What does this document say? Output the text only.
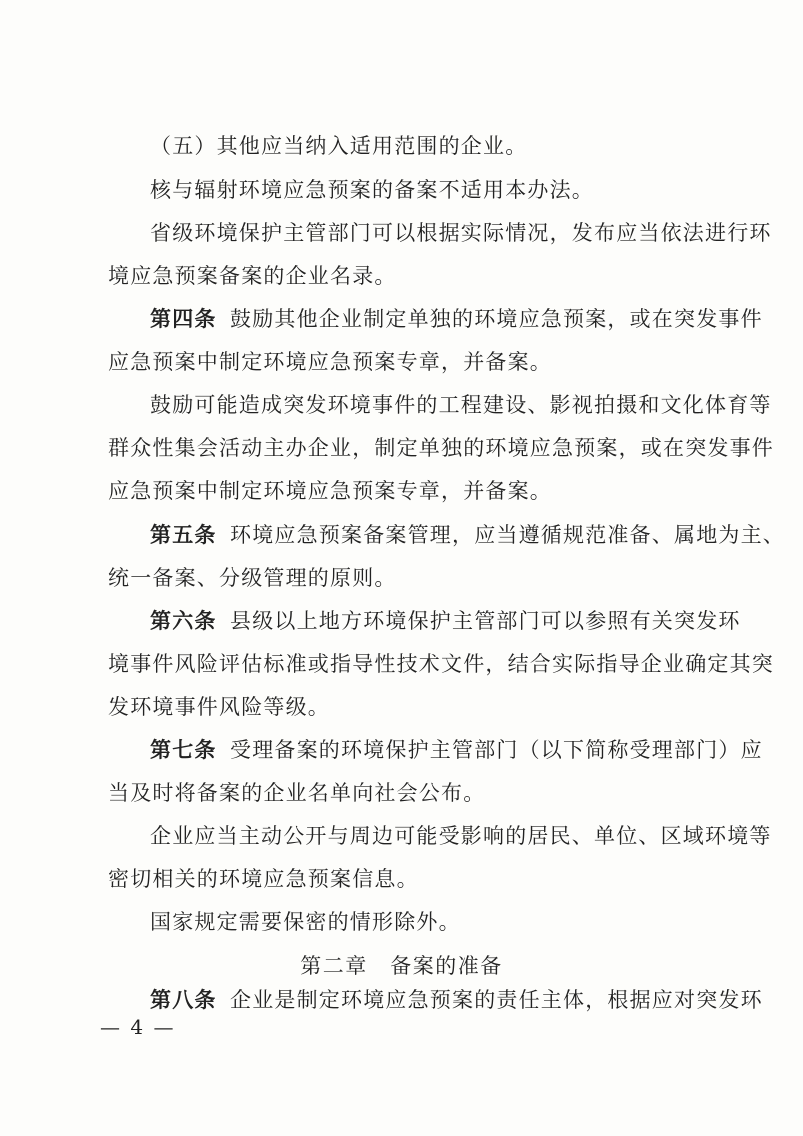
（五）其他应当纳入适用范围的企业。
核与辐射环境应急预案的备案不适用本办法。
省级环境保护主管部门可以根据实际情况，发布应当依法进行环
境应急预案备案的企业名录。
第四条 鼓励其他企业制定单独的环境应急预案，或在突发事件
应急预案中制定环境应急预案专章，并备案。
鼓励可能造成突发环境事件的工程建设、影视拍摄和文化体育等
群众性集会活动主办企业，制定单独的环境应急预案，或在突发事件
应急预案中制定环境应急预案专章，并备案。
第五条 环境应急预案备案管理，应当遵循规范准备、属地为主、
统一备案、分级管理的原则。
第六条 县级以上地方环境保护主管部门可以参照有关突发环
境事件风险评估标准或指导性技术文件，结合实际指导企业确定其突
发环境事件风险等级。
第七条 受理备案的环境保护主管部门（以下简称受理部门）应
当及时将备案的企业名单向社会公布。
企业应当主动公开与周边可能受影响的居民、单位、区域环境等
密切相关的环境应急预案信息。
国家规定需要保密的情形除外。
第二章　备案的准备
第八条 企业是制定环境应急预案的责任主体，根据应对突发环
— 4 —
